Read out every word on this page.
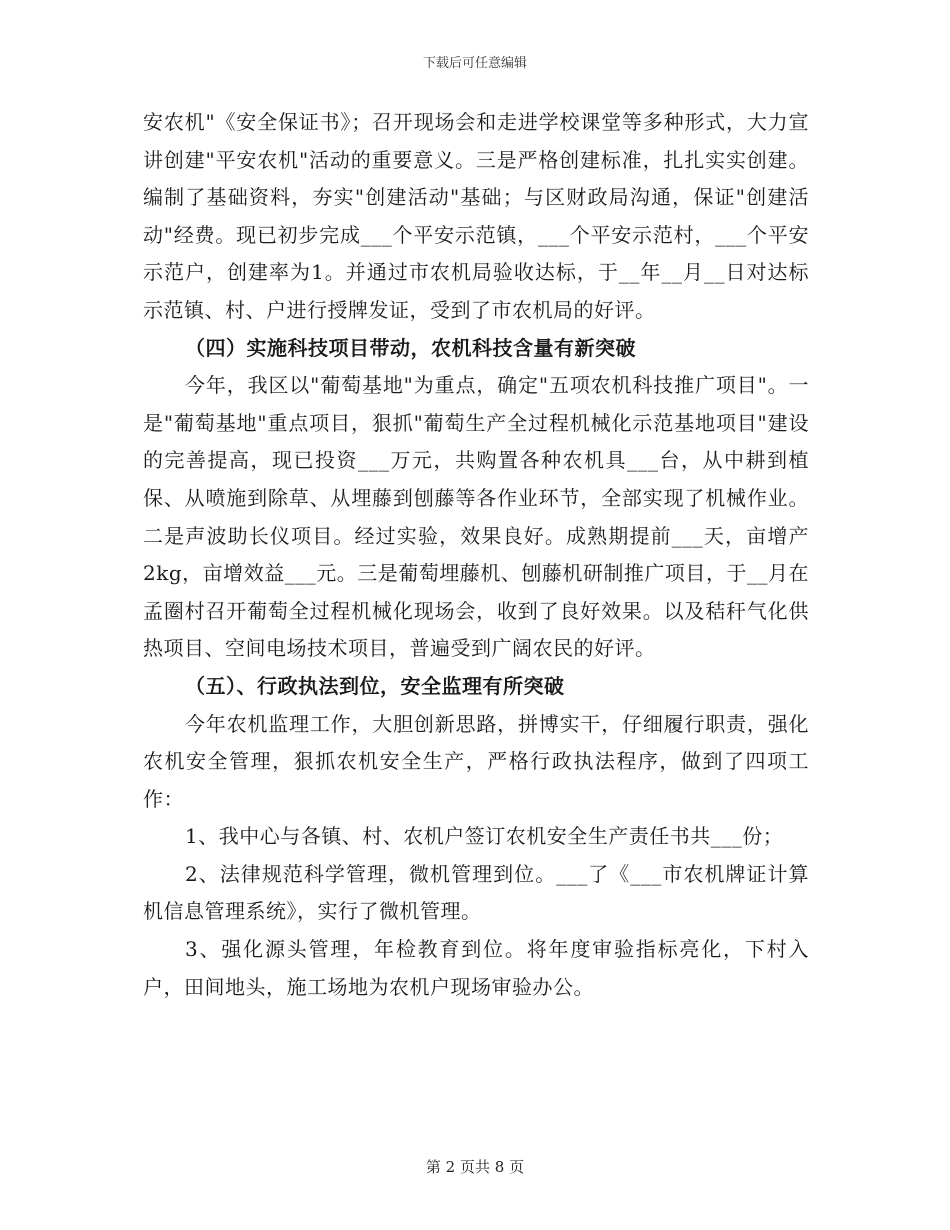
下载后可任意编辑

安农机"《安全保证书》；召开现场会和走进学校课堂等多种形式，大力宣讲创建"平安农机"活动的重要意义。三是严格创建标准，扎扎实实创建。编制了基础资料，夯实"创建活动"基础；与区财政局沟通，保证"创建活动"经费。现已初步完成___个平安示范镇，___个平安示范村，___个平安示范户，创建率为1。并通过市农机局验收达标，于__年__月__日对达标示范镇、村、户进行授牌发证，受到了市农机局的好评。

（四）实施科技项目带动，农机科技含量有新突破

今年，我区以"葡萄基地"为重点，确定"五项农机科技推广项目"。一是"葡萄基地"重点项目，狠抓"葡萄生产全过程机械化示范基地项目"建设的完善提高，现已投资___万元，共购置各种农机具___台，从中耕到植保、从喷施到除草、从埋藤到刨藤等各作业环节，全部实现了机械作业。二是声波助长仪项目。经过实验，效果良好。成熟期提前___天，亩增产2kg，亩增效益___元。三是葡萄埋藤机、刨藤机研制推广项目，于__月在孟圈村召开葡萄全过程机械化现场会，收到了良好效果。以及秸秆气化供热项目、空间电场技术项目，普遍受到广阔农民的好评。

（五）、行政执法到位，安全监理有所突破

今年农机监理工作，大胆创新思路，拼博实干，仔细履行职责，强化农机安全管理，狠抓农机安全生产，严格行政执法程序，做到了四项工作：

1、我中心与各镇、村、农机户签订农机安全生产责任书共___份；

2、法律规范科学管理，微机管理到位。___了《___市农机牌证计算机信息管理系统》，实行了微机管理。

3、强化源头管理，年检教育到位。将年度审验指标亮化，下村入户，田间地头，施工场地为农机户现场审验办公。

第 2 页共 8 页
